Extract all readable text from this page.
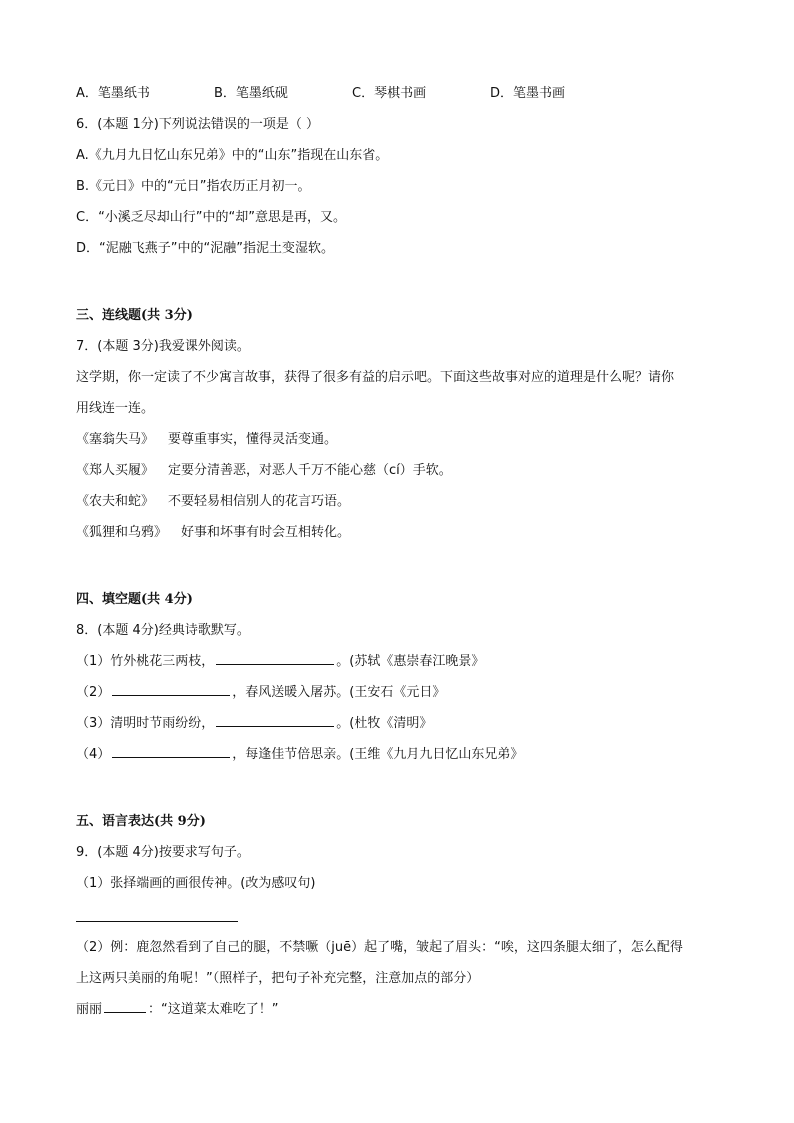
A．笔墨纸书	B．笔墨纸砚	C．琴棋书画	D．笔墨书画
6．(本题 1分)下列说法错误的一项是（ ）
A.《九月九日忆山东兄弟》中的“山东”指现在山东省。
B.《元日》中的“元日”指农历正月初一。
C．“小溪乏尽却山行”中的“却”意思是再，又。
D．“泥融飞燕子”中的“泥融”指泥土变湿软。
三、连线题(共 3分)
7．(本题 3分)我爱课外阅读。
这学期，你一定读了不少寓言故事，获得了很多有益的启示吧。下面这些故事对应的道理是什么呢？请你
用线连一连。
《塞翁失马》 要尊重事实，懂得灵活变通。
《郑人买履》 定要分清善恶，对恶人千万不能心慈（cí）手软。
《农夫和蛇》 不要轻易相信别人的花言巧语。
《狐狸和乌鸦》 好事和坏事有时会互相转化。
四、填空题(共 4分)
8．(本题 4分)经典诗歌默写。
（1）竹外桃花三两枝，	。(苏轼《惠崇春江晚景》
（2）	，春风送暖入屠苏。(王安石《元日》
（3）清明时节雨纷纷，	。(杜牧《清明》
（4）	，每逢佳节倍思亲。(王维《九月九日忆山东兄弟》
五、语言表达(共 9分)
9．(本题 4分)按要求写句子。
（1）张择端画的画很传神。(改为感叹句)
（2）例：鹿忽然看到了自己的腿，不禁噘（juē）起了嘴，皱起了眉头：“唉，这四条腿太细了，怎么配得
上这两只美丽的角呢！”（照样子，把句子补充完整，注意加点的部分）
丽丽	：“这道菜太难吃了！”
